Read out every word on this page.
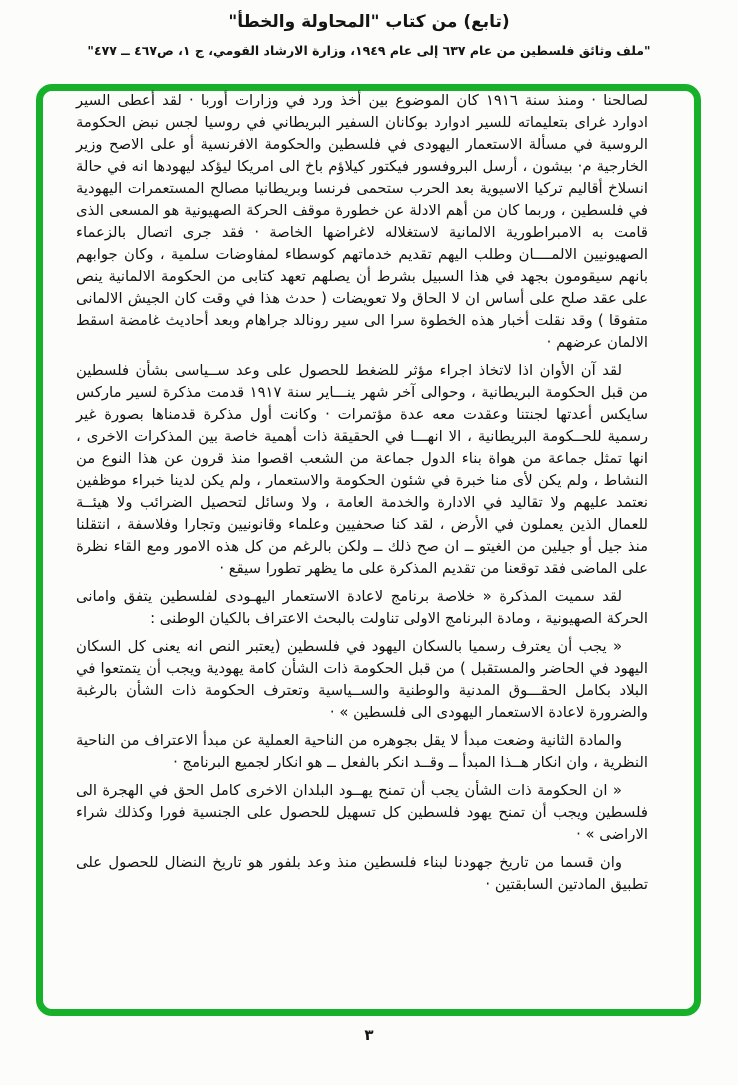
(تابع) من كتاب "المحاولة والخطأ"
"ملف وثائق فلسطين من عام ٦٣٧ إلى عام ١٩٤٩، وزارة الارشاد القومي، ج ١، ص٤٦٧ ــ ٤٧٧"

لصالحنا · ومنذ سنة ١٩١٦ كان الموضوع بين أخذ ورد في وزارات أوربا · لقد أعطى السير ادوارد غراى بتعليماته للسير ادوارد بوكانان السفير البريطاني في روسيا لجس نبض الحكومة الروسية في مسألة الاستعمار اليهودى في فلسطين والحكومة الافرنسية أو على الاصح وزير الخارجية م· بيشون ، أرسل البروفسور فيكتور كيلاؤم باخ الى امريكا ليؤكد ليهودها انه في حالة انسلاخ أقاليم تركيا الاسيوية بعد الحرب ستحمى فرنسا وبريطانيا مصالح المستعمرات اليهودية في فلسطين ، وربما كان من أهم الادلة عن خطورة موقف الحركة الصهيونية هو المسعى الذى قامت به الامبراطورية الالمانية لاستغلاله لاغراضها الخاصة · فقد جرى اتصال بالزعماء الصهيونيين الالمــــان وطلب اليهم تقديم خدماتهم كوسطاء لمفاوضات سلمية ، وكان جوابهم بانهم سيقومون بجهد في هذا السبيل بشرط أن يصلهم تعهد كتابى من الحكومة الالمانية ينص على عقد صلح على أساس ان لا الحاق ولا تعويضات ( حدث هذا في وقت كان الجيش الالمانى متفوقا ) وقد نقلت أخبار هذه الخطوة سرا الى سير رونالد جراهام وبعد أحاديث غامضة اسقط الالمان عرضهم ·

لقد آن الأوان اذا لاتخاذ اجراء مؤثر للضغط للحصول على وعد ســياسى بشأن فلسطين من قبل الحكومة البريطانية ، وحوالى آخر شهر ينـــاير سنة ١٩١٧ قدمت مذكرة لسير ماركس سايكس أعدتها لجنتنا وعقدت معه عدة مؤتمرات · وكانت أول مذكرة قدمناها بصورة غير رسمية للحــكومة البريطانية ، الا انهـــا في الحقيقة ذات أهمية خاصة بين المذكرات الاخرى ، انها تمثل جماعة من هواة بناء الدول جماعة من الشعب اقصوا منذ قرون عن هذا النوع من النشاط ، ولم يكن لأى منا خبرة في شئون الحكومة والاستعمار ، ولم يكن لدينا خبراء موظفين نعتمد عليهم ولا تقاليد في الادارة والخدمة العامة ، ولا وسائل لتحصيل الضرائب ولا هيئــة للعمال الذين يعملون في الأرض ، لقد كنا صحفيين وعلماء وقانونيين وتجارا وفلاسفة ، انتقلنا منذ جيل أو جيلين من الغيتو ــ ان صح ذلك ــ ولكن بالرغم من كل هذه الامور ومع القاء نظرة على الماضى فقد توقعنا من تقديم المذكرة على ما يظهر تطورا سيقع ·

لقد سميت المذكرة « خلاصة برنامج لاعادة الاستعمار اليهـودى لفلسطين يتفق وامانى الحركة الصهيونية ، ومادة البرنامج الاولى تناولت بالبحث الاعتراف بالكيان الوطنى :

« يجب أن يعترف رسميا بالسكان اليهود في فلسطين (يعتبر النص انه يعنى كل السكان اليهود في الحاضر والمستقبل ) من قبل الحكومة ذات الشأن كامة يهودية ويجب أن يتمتعوا في البلاد بكامل الحقـــوق المدنية والوطنية والســياسية وتعترف الحكومة ذات الشأن بالرغبة والضرورة لاعادة الاستعمار اليهودى الى فلسطين » ·

والمادة الثانية وضعت مبدأ لا يقل بجوهره من الناحية العملية عن مبدأ الاعتراف من الناحية النظرية ، وان انكار هــذا المبدأ ــ وقــد انكر بالفعل ــ هو انكار لجميع البرنامج ·

« ان الحكومة ذات الشأن يجب أن تمنح يهــود البلدان الاخرى كامل الحق في الهجرة الى فلسطين ويجب أن تمنح يهود فلسطين كل تسهيل للحصول على الجنسية فورا وكذلك شراء الاراضى » ·

وان قسما من تاريخ جهودنا لبناء فلسطين منذ وعد بلفور هو تاريخ النضال للحصول على تطبيق المادتين السابقتين ·

٣
